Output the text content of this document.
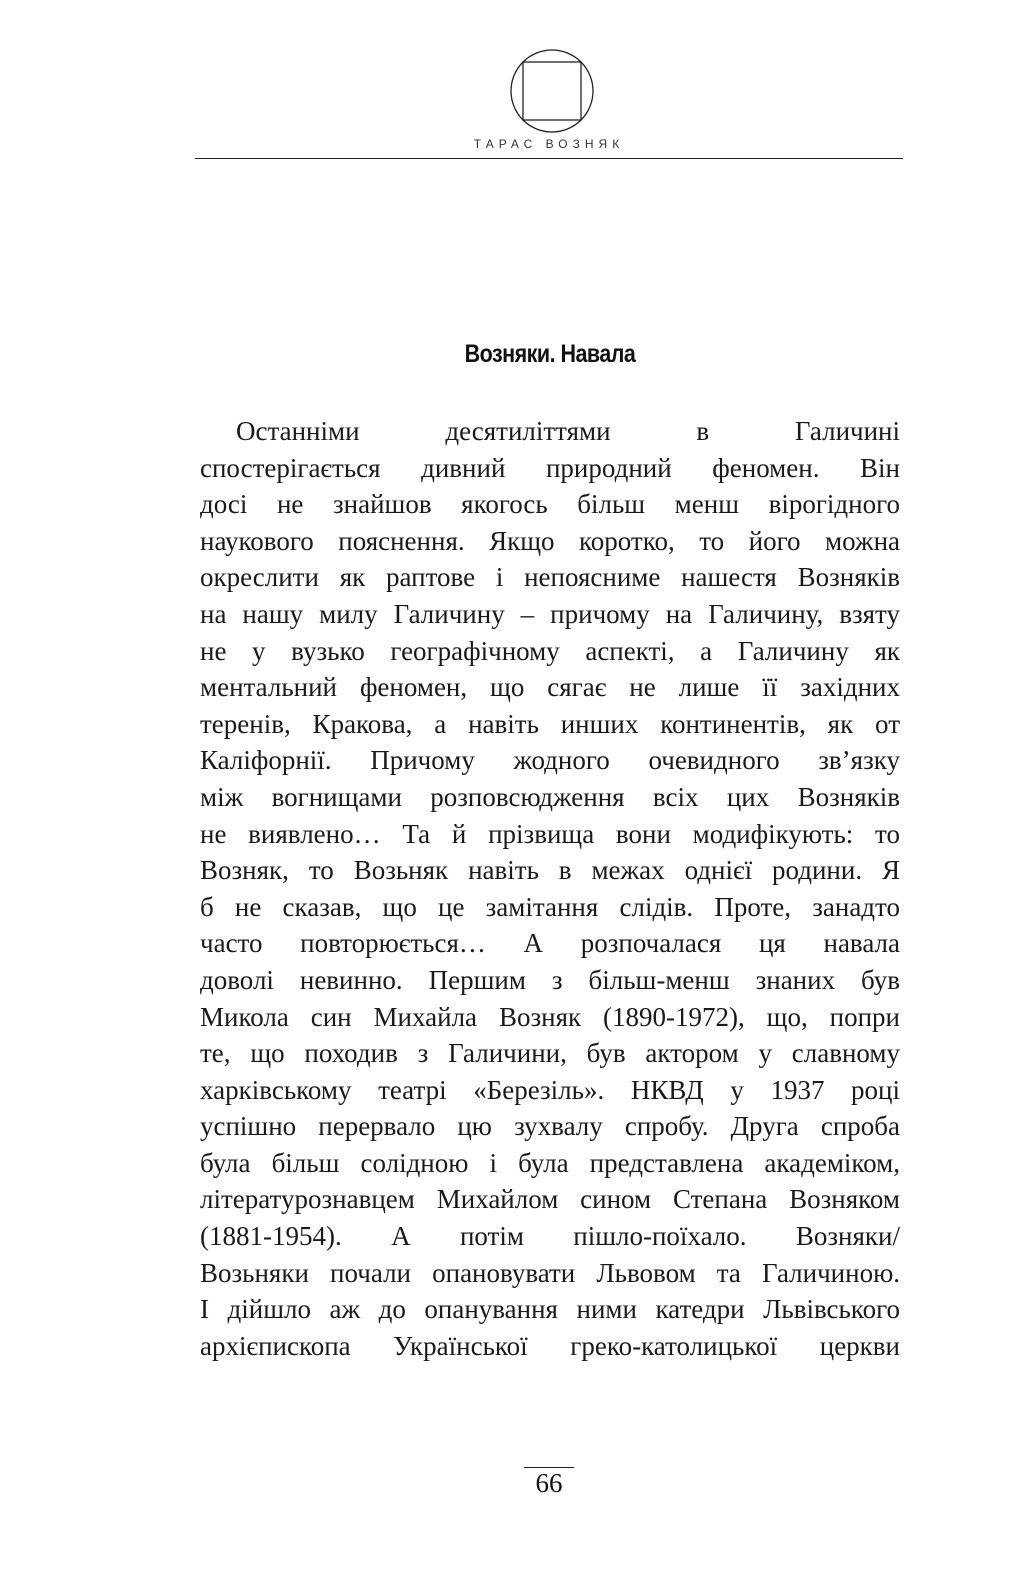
ТАРАС ВОЗНЯК
Возняки. Навала
Останніми десятиліттями в Галичині
спостерігається дивний природний феномен. Він
досі не знайшов якогось більш менш вірогідного
наукового пояснення. Якщо коротко, то його можна
окреслити як раптове і непояснимe нашестя Возняків
на нашу милу Галичину – причому на Галичину, взяту
не у вузько географічному аспекті, а Галичину як
ментальний феномен, що сягає не лише її західних
теренів, Кракова, а навіть инших континентів, як от
Каліфорнії. Причому жодного очевидного зв’язку
між вогнищами розповсюдження всіх цих Возняків
не виявлено… Та й прізвища вони модифікують: то
Возняк, то Возьняк навіть в межах однієї родини. Я
б не сказав, що це замітання слідів. Проте, занадто
часто повторюється… А розпочалася ця навала
доволі невинно. Першим з більш-менш знаних був
Микола син Михайла Возняк (1890-1972), що, попри
те, що походив з Галичини, був актором у славному
харківському театрі «Березіль». НКВД у 1937 році
успішно перервало цю зухвалу спробу. Друга спроба
була більш солідною і була представлена академіком,
літературознавцем Михайлом сином Степана Возняком
(1881-1954). А потім пішло-поїхало. Возняки/
Возьняки почали опановувати Львовом та Галичиною.
І дійшло аж до опанування ними катедри Львівського
архієпископа Української греко-католицької церкви
66
